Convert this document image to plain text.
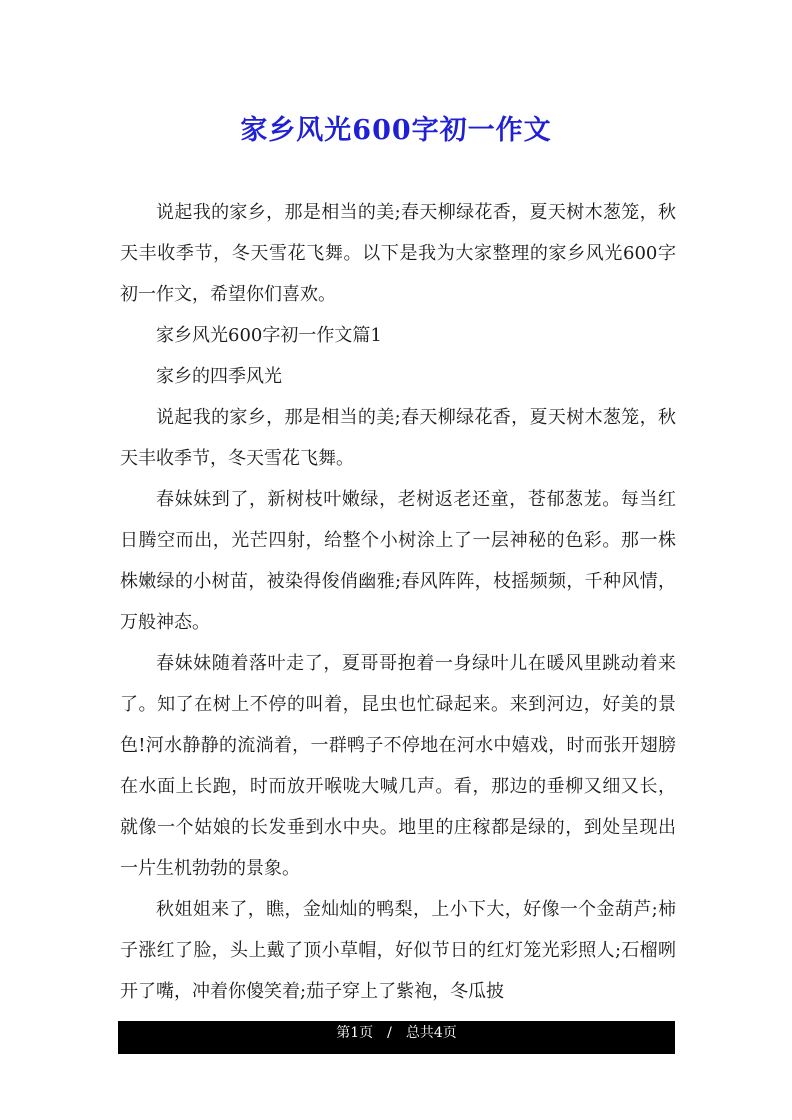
家乡风光600字初一作文

说起我的家乡，那是相当的美;春天柳绿花香，夏天树木葱笼，秋天丰收季节，冬天雪花飞舞。以下是我为大家整理的家乡风光600字初一作文，希望你们喜欢。

家乡风光600字初一作文篇1

家乡的四季风光

说起我的家乡，那是相当的美;春天柳绿花香，夏天树木葱笼，秋天丰收季节，冬天雪花飞舞。

春妹妹到了，新树枝叶嫩绿，老树返老还童，苍郁葱茏。每当红日腾空而出，光芒四射，给整个小树涂上了一层神秘的色彩。那一株株嫩绿的小树苗，被染得俊俏幽雅;春风阵阵，枝摇频频，千种风情，万般神态。

春妹妹随着落叶走了，夏哥哥抱着一身绿叶儿在暖风里跳动着来了。知了在树上不停的叫着，昆虫也忙碌起来。来到河边，好美的景色!河水静静的流淌着，一群鸭子不停地在河水中嬉戏，时而张开翅膀在水面上长跑，时而放开喉咙大喊几声。看，那边的垂柳又细又长，就像一个姑娘的长发垂到水中央。地里的庄稼都是绿的，到处呈现出一片生机勃勃的景象。

秋姐姐来了，瞧，金灿灿的鸭梨，上小下大，好像一个金葫芦;柿子涨红了脸，头上戴了顶小草帽，好似节日的红灯笼光彩照人;石榴咧开了嘴，冲着你傻笑着;茄子穿上了紫袍，冬瓜披

第1页 / 总共4页
